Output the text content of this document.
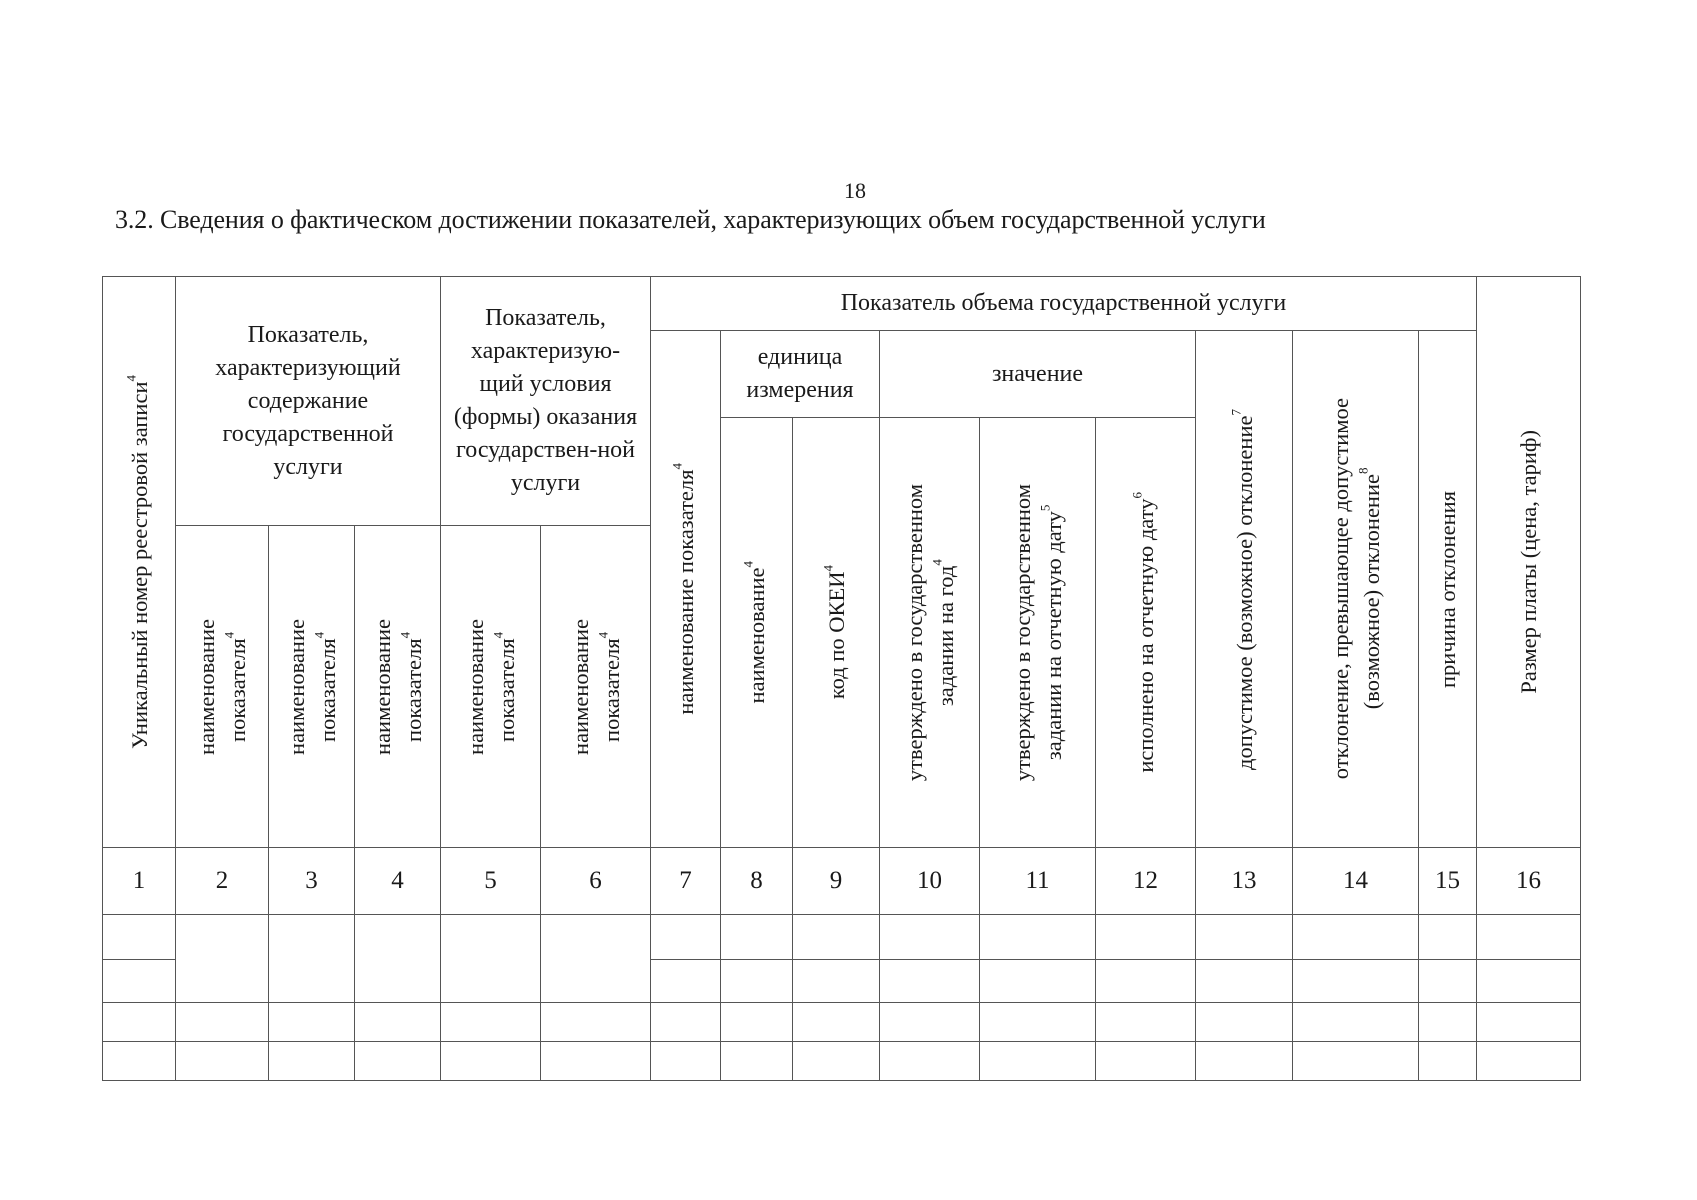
18
3.2. Сведения о фактическом достижении показателей, характеризующих объем государственной услуги
Уникальный номер реестровой записи$^4$	Показатель, характеризующий содержание государственной услуги			Показатель, характеризую-щий условия (формы) оказания государствен-ной услуги		Показатель объема государственной услуги									Размер платы (цена, тариф)

						наименование показателя$^4$	единица измерения		значение			допустимое (возможное) отклонение$^7$	отклонение, превышающее допустимое (возможное) отклонение$^8$	причина отклонения	

							наименование$^4$	код по ОКЕИ$^4$	утверждено в государственном задании на год$^4$	утверждено в государственном задании на отчетную дату$^5$	исполнено на отчетную дату$^6$

	наименование показателя$^4$	наименование показателя$^4$	наименование показателя$^4$	наименование показателя$^4$	наименование показателя$^4$

1	2	3	4	5	6	7	8	9	10	11	12	13	14	15	16
